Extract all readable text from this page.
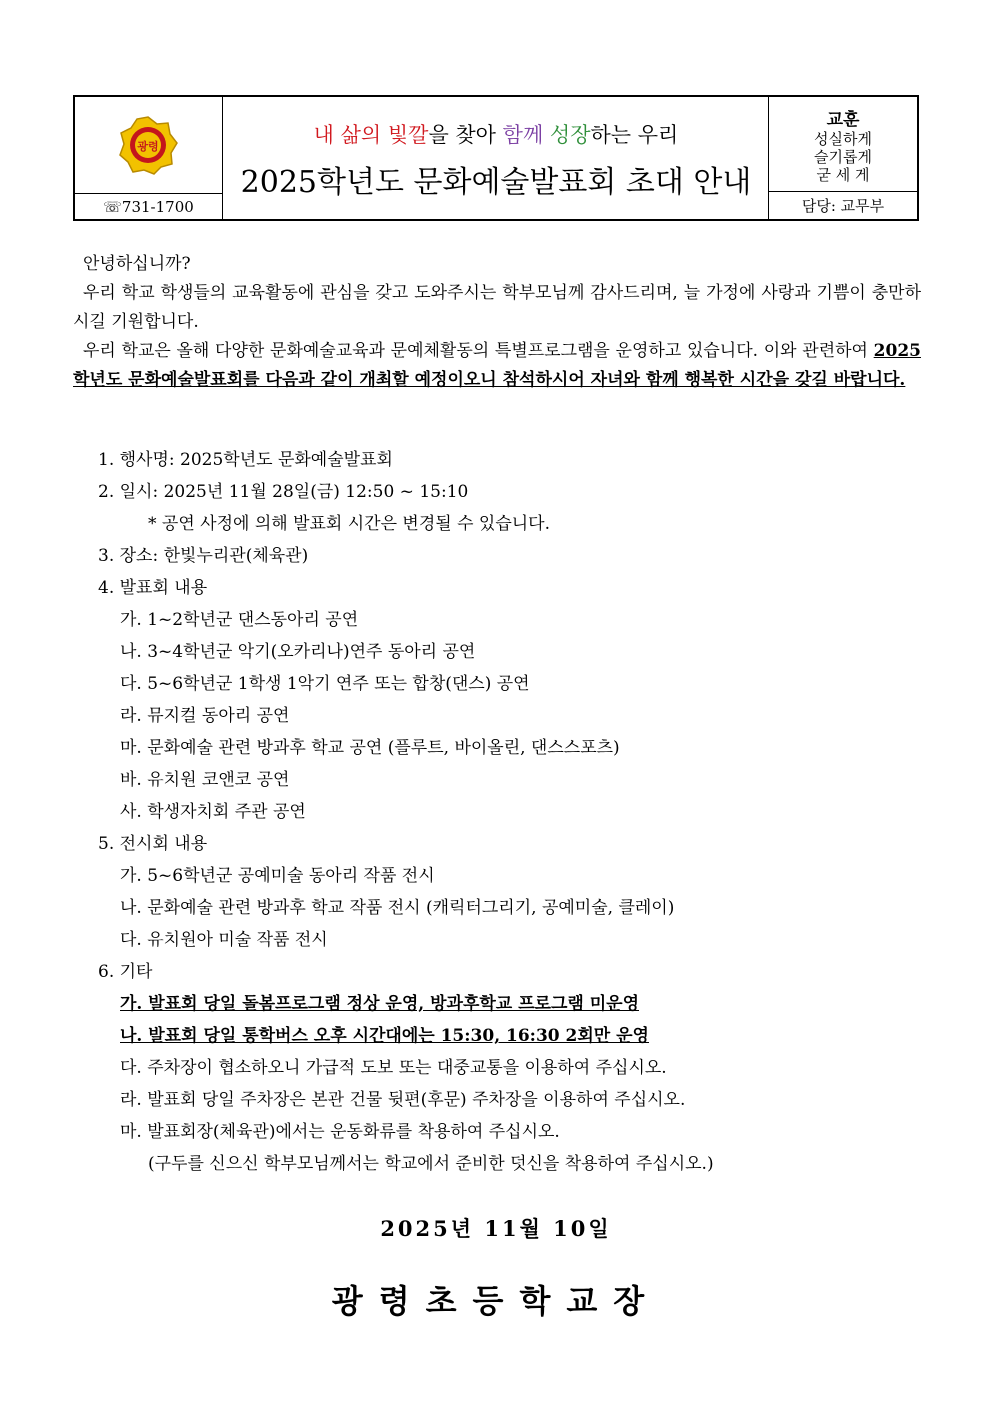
광령
☏731-1700
내 삶의 빛깔을 찾아 함께 성장하는 우리
2025학년도 문화예술발표회 초대 안내
교훈
성실하게
슬기롭게
굳 세 게
담당: 교무부

안녕하십니까?

우리 학교 학생들의 교육활동에 관심을 갖고 도와주시는 학부모님께 감사드리며, 늘 가정에 사랑과 기쁨이 충만하시길 기원합니다.

우리 학교은 올해 다양한 문화예술교육과 문예체활동의 특별프로그램을 운영하고 있습니다. 이와 관련하여 2025학년도 문화예술발표회를 다음과 같이 개최할 예정이오니 참석하시어 자녀와 함께 행복한 시간을 갖길 바랍니다.

1. 행사명: 2025학년도 문화예술발표회
2. 일시: 2025년 11월 28일(금) 12:50 ~ 15:10
* 공연 사정에 의해 발표회 시간은 변경될 수 있습니다.
3. 장소: 한빛누리관(체육관)
4. 발표회 내용
가. 1~2학년군 댄스동아리 공연
나. 3~4학년군 악기(오카리나)연주 동아리 공연
다. 5~6학년군 1학생 1악기 연주 또는 합창(댄스) 공연
라. 뮤지컬 동아리 공연
마. 문화예술 관련 방과후 학교 공연 (플루트, 바이올린, 댄스스포츠)
바. 유치원 코앤코 공연
사. 학생자치회 주관 공연
5. 전시회 내용
가. 5~6학년군 공예미술 동아리 작품 전시
나. 문화예술 관련 방과후 학교 작품 전시 (캐릭터그리기, 공예미술, 클레이)
다. 유치원아 미술 작품 전시
6. 기타
가. 발표회 당일 돌봄프로그램 정상 운영, 방과후학교 프로그램 미운영
나. 발표회 당일 통학버스 오후 시간대에는 15:30, 16:30 2회만 운영
다. 주차장이 협소하오니 가급적 도보 또는 대중교통을 이용하여 주십시오.
라. 발표회 당일 주차장은 본관 건물 뒷편(후문) 주차장을 이용하여 주십시오.
마. 발표회장(체육관)에서는 운동화류를 착용하여 주십시오.
(구두를 신으신 학부모님께서는 학교에서 준비한 덧신을 착용하여 주십시오.)
2025년 11월 10일
광령초등학교장
